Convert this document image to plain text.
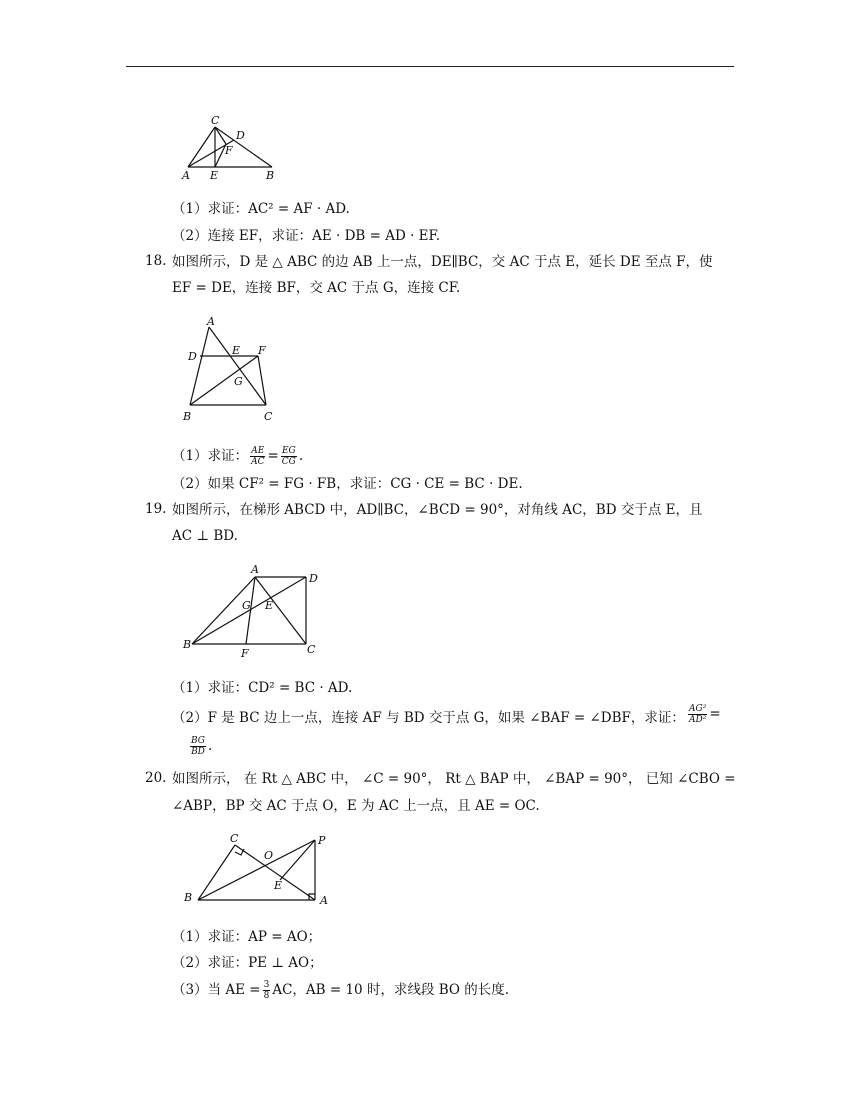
C
D
F
A E	B
（1）求证：AC² = AF · AD.
（2）连接 EF，求证：AE · DB = AD · EF.
18. 如图所示，D 是 △ ABC 的边 AB 上一点，DE∥BC，交 AC 于点 E，延长 DE 至点 F，使
EF = DE，连接 BF，交 AC 于点 G，连接 CF.
A
D	E F
G
B	C
（1）求证： $\frac{AE}{AC} = \frac{EG}{CG}$ .
（2）如果 CF² = FG · FB，求证：CG · CE = BC · DE.
19. 如图所示，在梯形 ABCD 中，AD∥BC，∠BCD = 90°，对角线 AC，BD 交于点 E，且
AC ⊥ BD.
A
D
G E
B
F	C
（1）求证：CD² = BC · AD.
（2）F 是 BC 边上一点，连接 AF 与 BD 交于点 G，如果 ∠BAF = ∠DBF，求证： $\frac{\text{AG²}}{\text{AD²}}$ =
$\frac{BG}{BD}$ .
20. 如图所示， 在 Rt △ ABC 中， ∠C = 90°， Rt △ BAP 中， ∠BAP = 90°， 已知 ∠CBO =
∠ABP，BP 交 AC 于点 O，E 为 AC 上一点，且 AE = OC.
C
O
P
E
B	A
（1）求证：AP = AO；
（2）求证：PE ⊥ AO；
（3）当 AE = $\frac{3}{8}$ AC，AB = 10 时，求线段 BO 的长度.
